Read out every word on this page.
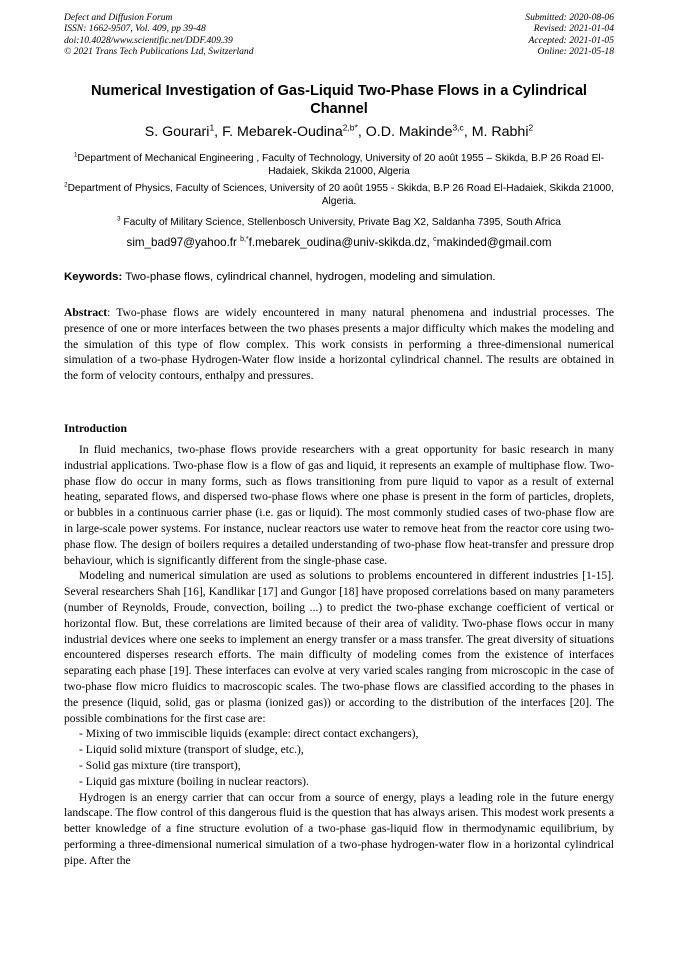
Defect and Diffusion Forum
ISSN: 1662-9507, Vol. 409, pp 39-48
doi:10.4028/www.scientific.net/DDF.409.39
© 2021 Trans Tech Publications Ltd, Switzerland
Submitted: 2020-08-06
Revised: 2021-01-04
Accepted: 2021-01-05
Online: 2021-05-18
Numerical Investigation of Gas-Liquid Two-Phase Flows in a Cylindrical Channel
S. Gourari$^1$, F. Mebarek-Oudina$^{2,b*}$, O.D. Makinde$^{3,c}$, M. Rabhi$^2$
$^1$Department of Mechanical Engineering , Faculty of Technology, University of 20 août 1955 – Skikda, B.P 26 Road El-Hadaiek, Skikda 21000, Algeria
$^2$Department of Physics, Faculty of Sciences, University of 20 août 1955 - Skikda, B.P 26 Road El-Hadaiek, Skikda 21000, Algeria.
$^3$ Faculty of Military Science, Stellenbosch University, Private Bag X2, Saldanha 7395, South Africa
sim_bad97@yahoo.fr $^{b,*}$f.mebarek_oudina@univ-skikda.dz, $^c$makinded@gmail.com
Keywords: Two-phase flows, cylindrical channel, hydrogen, modeling and simulation.
Abstract: Two-phase flows are widely encountered in many natural phenomena and industrial processes. The presence of one or more interfaces between the two phases presents a major difficulty which makes the modeling and the simulation of this type of flow complex. This work consists in performing a three-dimensional numerical simulation of a two-phase Hydrogen-Water flow inside a horizontal cylindrical channel. The results are obtained in the form of velocity contours, enthalpy and pressures.
Introduction

In fluid mechanics, two-phase flows provide researchers with a great opportunity for basic research in many industrial applications. Two-phase flow is a flow of gas and liquid, it represents an example of multiphase flow. Two-phase flow do occur in many forms, such as flows transitioning from pure liquid to vapor as a result of external heating, separated flows, and dispersed two-phase flows where one phase is present in the form of particles, droplets, or bubbles in a continuous carrier phase (i.e. gas or liquid). The most commonly studied cases of two-phase flow are in large-scale power systems. For instance, nuclear reactors use water to remove heat from the reactor core using two-phase flow. The design of boilers requires a detailed understanding of two-phase flow heat-transfer and pressure drop behaviour, which is significantly different from the single-phase case.

Modeling and numerical simulation are used as solutions to problems encountered in different industries [1-15]. Several researchers Shah [16], Kandlikar [17] and Gungor [18] have proposed correlations based on many parameters (number of Reynolds, Froude, convection, boiling ...) to predict the two-phase exchange coefficient of vertical or horizontal flow. But, these correlations are limited because of their area of validity. Two-phase flows occur in many industrial devices where one seeks to implement an energy transfer or a mass transfer. The great diversity of situations encountered disperses research efforts. The main difficulty of modeling comes from the existence of interfaces separating each phase [19]. These interfaces can evolve at very varied scales ranging from microscopic in the case of two-phase flow micro fluidics to macroscopic scales. The two-phase flows are classified according to the phases in the presence (liquid, solid, gas or plasma (ionized gas)) or according to the distribution of the interfaces [20]. The possible combinations for the first case are:

- Mixing of two immiscible liquids (example: direct contact exchangers),
- Liquid solid mixture (transport of sludge, etc.),
- Solid gas mixture (tire transport),
- Liquid gas mixture (boiling in nuclear reactors).

Hydrogen is an energy carrier that can occur from a source of energy, plays a leading role in the future energy landscape. The flow control of this dangerous fluid is the question that has always arisen. This modest work presents a better knowledge of a fine structure evolution of a two-phase gas-liquid flow in thermodynamic equilibrium, by performing a three-dimensional numerical simulation of a two-phase hydrogen-water flow in a horizontal cylindrical pipe. After the
